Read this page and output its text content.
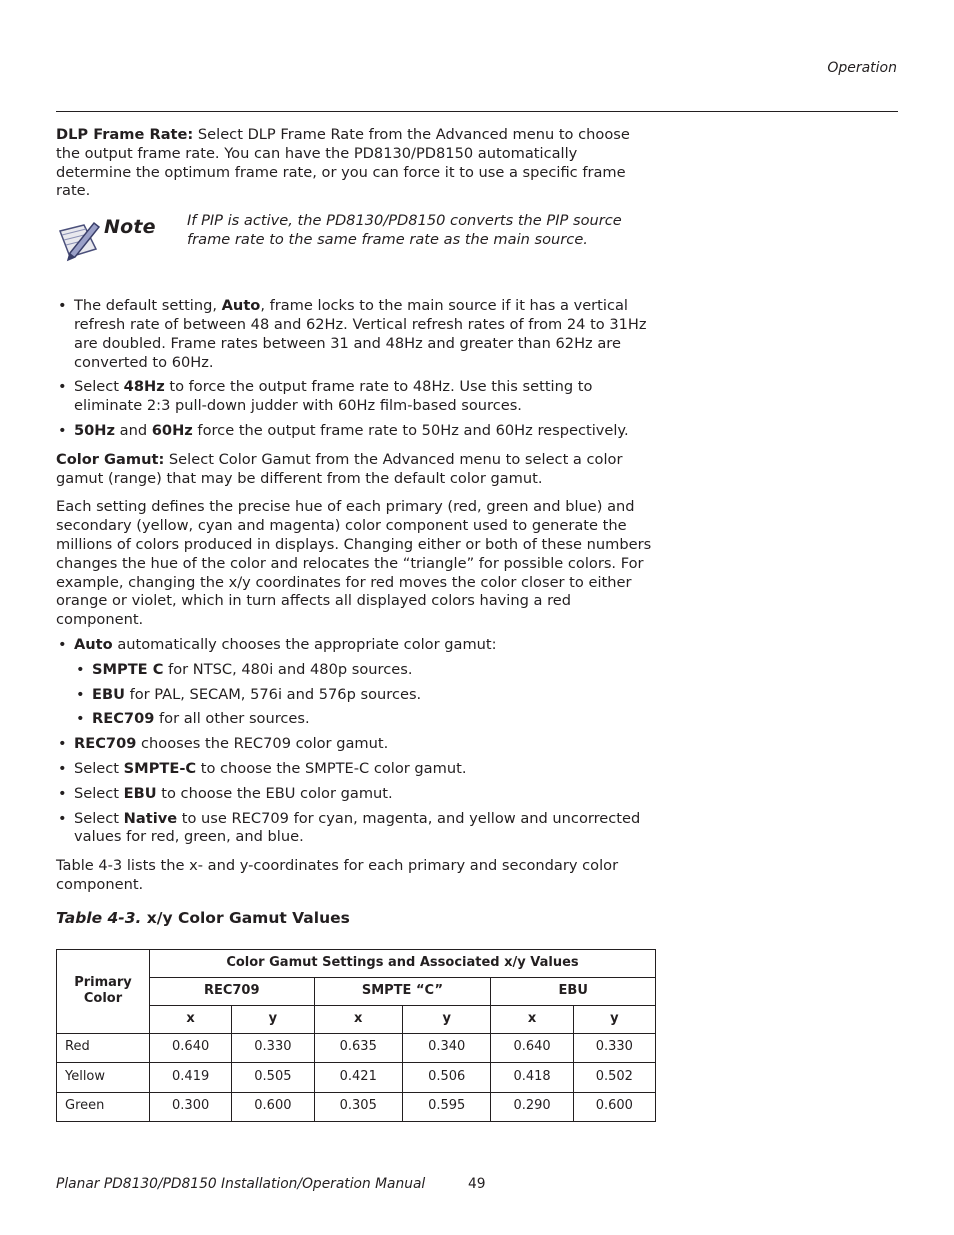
Operation

DLP Frame Rate: Select DLP Frame Rate from the Advanced menu to choose the output frame rate. You can have the PD8130/PD8150 automatically determine the optimum frame rate, or you can force it to use a specific frame rate.

Note If PIP is active, the PD8130/PD8150 converts the PIP source frame rate to the same frame rate as the main source.
• The default setting, Auto, frame locks to the main source if it has a vertical refresh rate of between 48 and 62Hz. Vertical refresh rates of from 24 to 31Hz are doubled. Frame rates between 31 and 48Hz and greater than 62Hz are converted to 60Hz.
• Select 48Hz to force the output frame rate to 48Hz. Use this setting to eliminate 2:3 pull-down judder with 60Hz film-based sources.
• 50Hz and 60Hz force the output frame rate to 50Hz and 60Hz respectively.

Color Gamut: Select Color Gamut from the Advanced menu to select a color gamut (range) that may be different from the default color gamut.

Each setting defines the precise hue of each primary (red, green and blue) and secondary (yellow, cyan and magenta) color component used to generate the millions of colors produced in displays. Changing either or both of these numbers changes the hue of the color and relocates the “triangle” for possible colors. For example, changing the x/y coordinates for red moves the color closer to either orange or violet, which in turn affects all displayed colors having a red component.

• Auto automatically chooses the appropriate color gamut:
• SMPTE C for NTSC, 480i and 480p sources.
• EBU for PAL, SECAM, 576i and 576p sources.
• REC709 for all other sources.
• REC709 chooses the REC709 color gamut.
• Select SMPTE-C to choose the SMPTE-C color gamut.
• Select EBU to choose the EBU color gamut.
• Select Native to use REC709 for cyan, magenta, and yellow and uncorrected values for red, green, and blue.

Table 4-3 lists the x- and y-coordinates for each primary and secondary color component.

Table 4-3. x/y Color Gamut Values
Primary Color	Color Gamut Settings and Associated x/y Values					
	REC709		SMPTE “C”		EBU	
	x	y	x	y	x	y
Red	0.640	0.330	0.635	0.340	0.640	0.330
Yellow	0.419	0.505	0.421	0.506	0.418	0.502
Green	0.300	0.600	0.305	0.595	0.290	0.600
Planar PD8130/PD8150 Installation/Operation Manual	49
